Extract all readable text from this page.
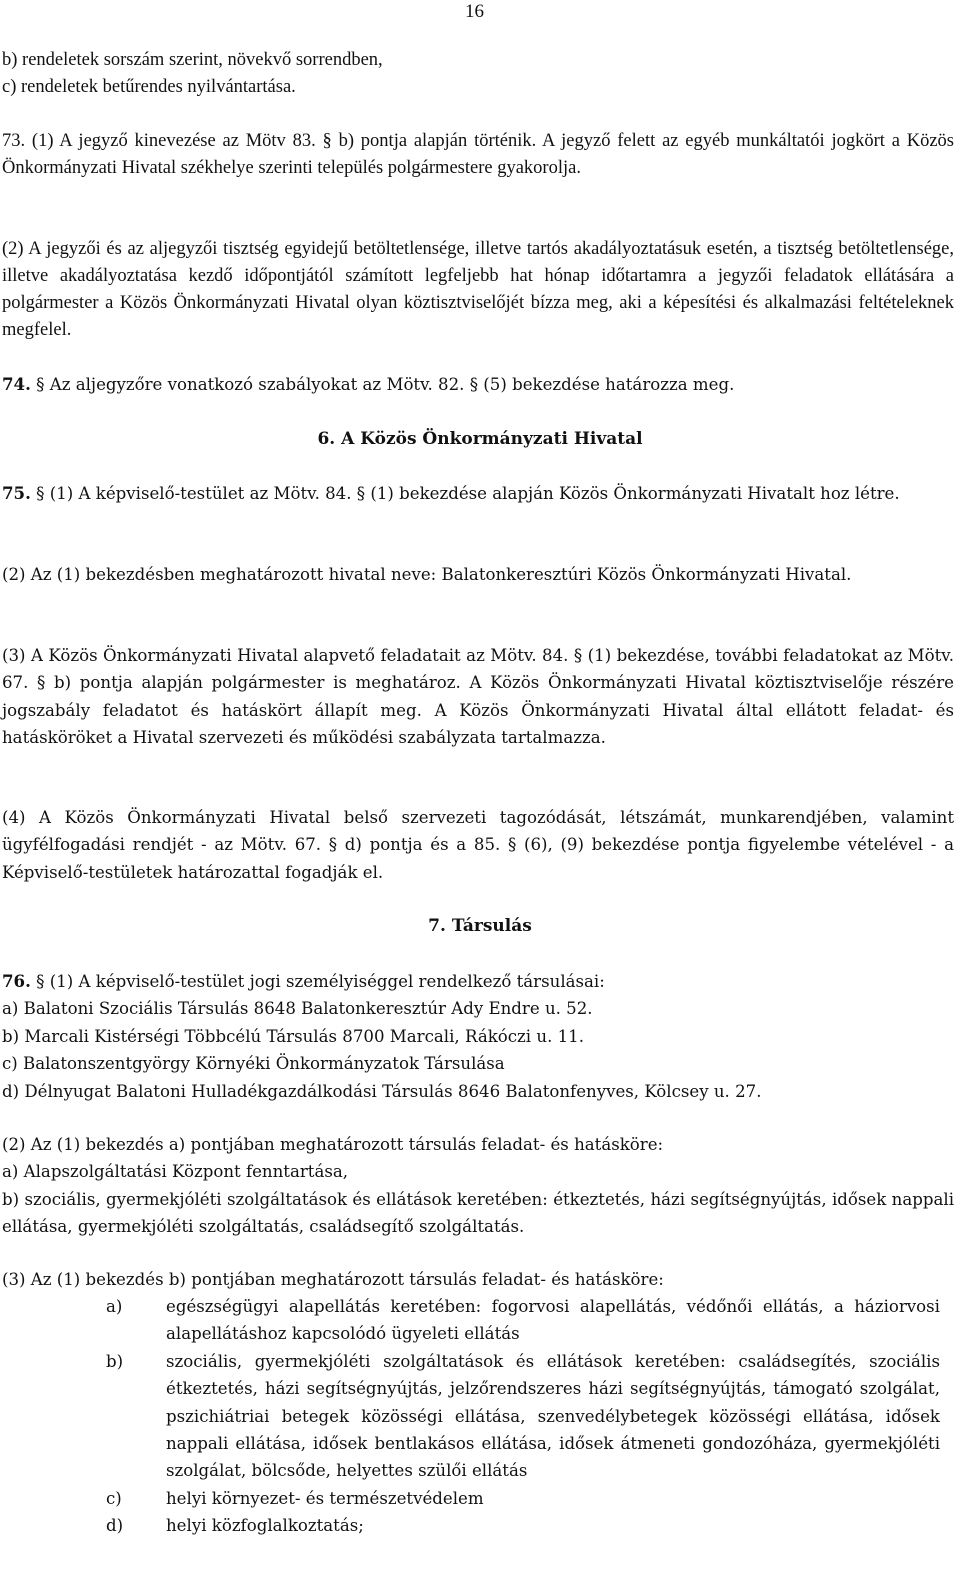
16
b) rendeletek sorszám szerint, növekvő sorrendben,
c) rendeletek betűrendes nyilvántartása.

73. (1) A jegyző kinevezése az Mötv 83. § b) pontja alapján történik. A jegyző felett az egyéb munkáltatói jogkört a Közös Önkormányzati Hivatal székhelye szerinti település polgármestere gyakorolja.

(2) A jegyzői és az aljegyzői tisztség egyidejű betöltetlensége, illetve tartós akadályoztatásuk esetén, a tisztség betöltetlensége, illetve akadályoztatása kezdő időpontjától számított legfeljebb hat hónap időtartamra a jegyzői feladatok ellátására a polgármester a Közös Önkormányzati Hivatal olyan köztisztviselőjét bízza meg, aki a képesítési és alkalmazási feltételeknek megfelel.

74. § Az aljegyzőre vonatkozó szabályokat az Mötv. 82. § (5) bekezdése határozza meg.

6. A Közös Önkormányzati Hivatal

75. § (1) A képviselő-testület az Mötv. 84. § (1) bekezdése alapján Közös Önkormányzati Hivatalt hoz létre.

(2) Az (1) bekezdésben meghatározott hivatal neve: Balatonkeresztúri Közös Önkormányzati Hivatal.

(3) A Közös Önkormányzati Hivatal alapvető feladatait az Mötv. 84. § (1) bekezdése, további feladatokat az Mötv. 67. § b) pontja alapján polgármester is meghatároz. A Közös Önkormányzati Hivatal köztisztviselője részére jogszabály feladatot és hatáskört állapít meg. A Közös Önkormányzati Hivatal által ellátott feladat- és hatásköröket a Hivatal szervezeti és működési szabályzata tartalmazza.

(4) A Közös Önkormányzati Hivatal belső szervezeti tagozódását, létszámát, munkarendjében, valamint ügyfélfogadási rendjét - az Mötv. 67. § d) pontja és a 85. § (6), (9) bekezdése pontja figyelembe vételével - a Képviselő-testületek határozattal fogadják el.

7. Társulás
76. § (1) A képviselő-testület jogi személyiséggel rendelkező társulásai:
a) Balatoni Szociális Társulás 8648 Balatonkeresztúr Ady Endre u. 52.
b) Marcali Kistérségi Többcélú Társulás 8700 Marcali, Rákóczi u. 11.
c) Balatonszentgyörgy Környéki Önkormányzatok Társulása
d) Délnyugat Balatoni Hulladékgazdálkodási Társulás 8646 Balatonfenyves, Kölcsey u. 27.
(2) Az (1) bekezdés a) pontjában meghatározott társulás feladat- és hatásköre:
a) Alapszolgáltatási Központ fenntartása,
b) szociális, gyermekjóléti szolgáltatások és ellátások keretében: étkeztetés, házi segítségnyújtás, idősek nappali ellátása, gyermekjóléti szolgáltatás, családsegítő szolgáltatás.
(3) Az (1) bekezdés b) pontjában meghatározott társulás feladat- és hatásköre:
a)	egészségügyi alapellátás keretében: fogorvosi alapellátás, védőnői ellátás, a háziorvosi alapellátáshoz kapcsolódó ügyeleti ellátás
b)	szociális, gyermekjóléti szolgáltatások és ellátások keretében: családsegítés, szociális étkeztetés, házi segítségnyújtás, jelzőrendszeres házi segítségnyújtás, támogató szolgálat, pszichiátriai betegek közösségi ellátása, szenvedélybetegek közösségi ellátása, idősek nappali ellátása, idősek bentlakásos ellátása, idősek átmeneti gondozóháza, gyermekjóléti szolgálat, bölcsőde, helyettes szülői ellátás
c)	helyi környezet- és természetvédelem
d)	helyi közfoglalkoztatás;
